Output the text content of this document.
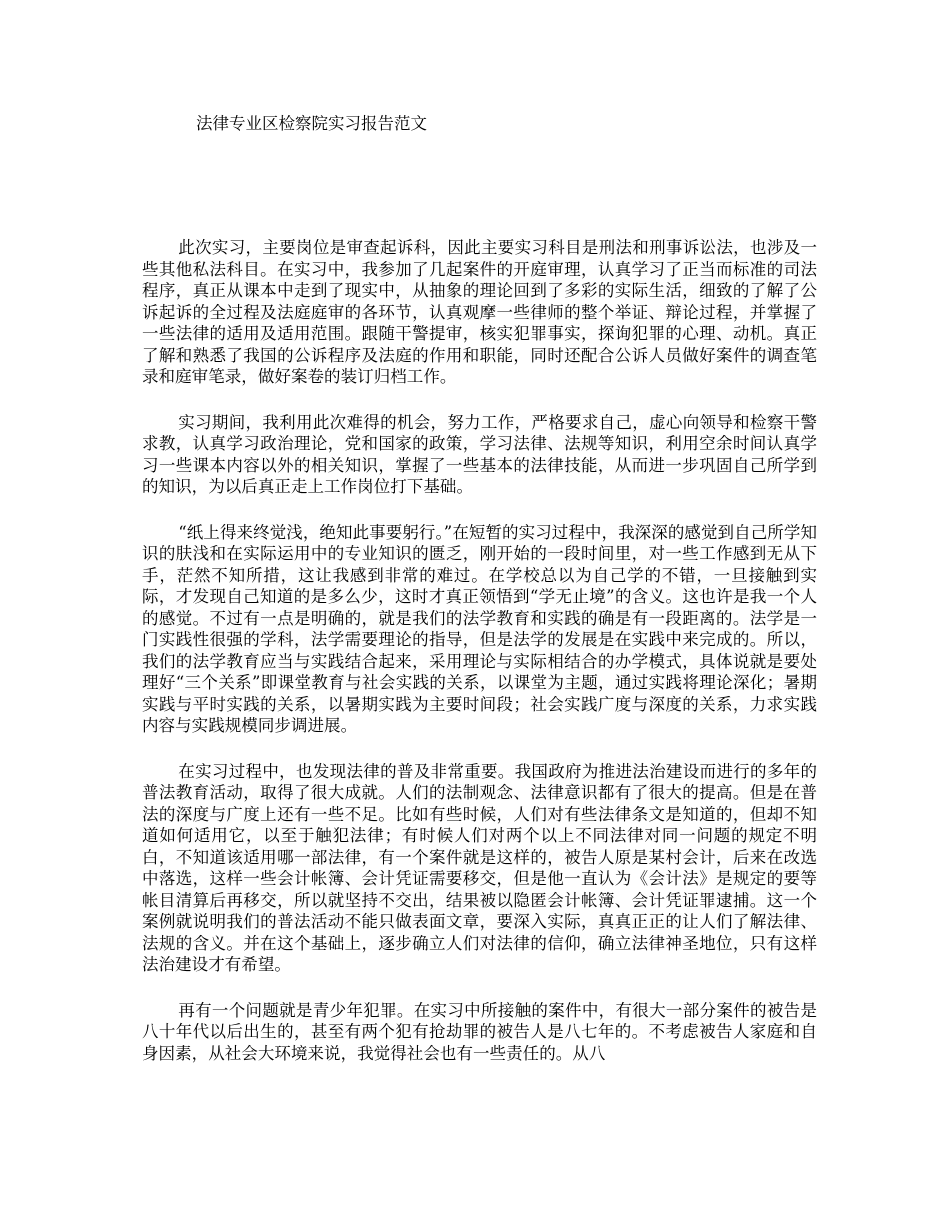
法律专业区检察院实习报告范文

此次实习，主要岗位是审查起诉科，因此主要实习科目是刑法和刑事诉讼法，也涉及一些其他私法科目。在实习中，我参加了几起案件的开庭审理，认真学习了正当而标准的司法程序，真正从课本中走到了现实中，从抽象的理论回到了多彩的实际生活，细致的了解了公诉起诉的全过程及法庭庭审的各环节，认真观摩一些律师的整个举证、辩论过程，并掌握了一些法律的适用及适用范围。跟随干警提审，核实犯罪事实，探询犯罪的心理、动机。真正了解和熟悉了我国的公诉程序及法庭的作用和职能，同时还配合公诉人员做好案件的调查笔录和庭审笔录，做好案卷的装订归档工作。

实习期间，我利用此次难得的机会，努力工作，严格要求自己，虚心向领导和检察干警求教，认真学习政治理论，党和国家的政策，学习法律、法规等知识，利用空余时间认真学习一些课本内容以外的相关知识，掌握了一些基本的法律技能，从而进一步巩固自己所学到的知识，为以后真正走上工作岗位打下基础。

“纸上得来终觉浅，绝知此事要躬行。”在短暂的实习过程中，我深深的感觉到自己所学知识的肤浅和在实际运用中的专业知识的匮乏，刚开始的一段时间里，对一些工作感到无从下手，茫然不知所措，这让我感到非常的难过。在学校总以为自己学的不错，一旦接触到实际，才发现自己知道的是多么少，这时才真正领悟到“学无止境”的含义。这也许是我一个人的感觉。不过有一点是明确的，就是我们的法学教育和实践的确是有一段距离的。法学是一门实践性很强的学科，法学需要理论的指导，但是法学的发展是在实践中来完成的。所以，我们的法学教育应当与实践结合起来，采用理论与实际相结合的办学模式，具体说就是要处理好“三个关系”即课堂教育与社会实践的关系，以课堂为主题，通过实践将理论深化；暑期实践与平时实践的关系，以暑期实践为主要时间段；社会实践广度与深度的关系，力求实践内容与实践规模同步调进展。

在实习过程中，也发现法律的普及非常重要。我国政府为推进法治建设而进行的多年的普法教育活动，取得了很大成就。人们的法制观念、法律意识都有了很大的提高。但是在普法的深度与广度上还有一些不足。比如有些时候，人们对有些法律条文是知道的，但却不知道如何适用它，以至于触犯法律；有时候人们对两个以上不同法律对同一问题的规定不明白，不知道该适用哪一部法律，有一个案件就是这样的，被告人原是某村会计，后来在改选中落选，这样一些会计帐簿、会计凭证需要移交，但是他一直认为《会计法》是规定的要等帐目清算后再移交，所以就坚持不交出，结果被以隐匿会计帐簿、会计凭证罪逮捕。这一个案例就说明我们的普法活动不能只做表面文章，要深入实际，真真正正的让人们了解法律、法规的含义。并在这个基础上，逐步确立人们对法律的信仰，确立法律神圣地位，只有这样法治建设才有希望。

再有一个问题就是青少年犯罪。在实习中所接触的案件中，有很大一部分案件的被告是八十年代以后出生的，甚至有两个犯有抢劫罪的被告人是八七年的。不考虑被告人家庭和自身因素，从社会大环境来说，我觉得社会也有一些责任的。从八
